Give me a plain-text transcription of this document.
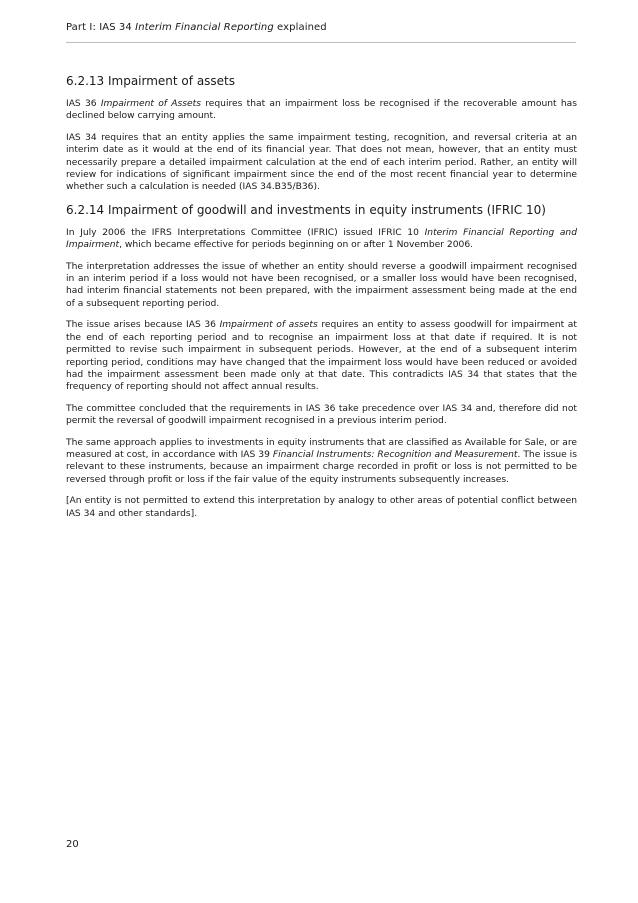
Part I: IAS 34 Interim Financial Reporting explained
6.2.13 Impairment of assets

IAS 36 Impairment of Assets requires that an impairment loss be recognised if the recoverable amount has declined below carrying amount.

IAS 34 requires that an entity applies the same impairment testing, recognition, and reversal criteria at an interim date as it would at the end of its financial year. That does not mean, however, that an entity must necessarily prepare a detailed impairment calculation at the end of each interim period. Rather, an entity will review for indications of significant impairment since the end of the most recent financial year to determine whether such a calculation is needed (IAS 34.B35/B36).

6.2.14 Impairment of goodwill and investments in equity instruments (IFRIC 10)

In July 2006 the IFRS Interpretations Committee (IFRIC) issued IFRIC 10 Interim Financial Reporting and Impairment, which became effective for periods beginning on or after 1 November 2006.

The interpretation addresses the issue of whether an entity should reverse a goodwill impairment recognised in an interim period if a loss would not have been recognised, or a smaller loss would have been recognised, had interim financial statements not been prepared, with the impairment assessment being made at the end of a subsequent reporting period.

The issue arises because IAS 36 Impairment of assets requires an entity to assess goodwill for impairment at the end of each reporting period and to recognise an impairment loss at that date if required. It is not permitted to revise such impairment in subsequent periods. However, at the end of a subsequent interim reporting period, conditions may have changed that the impairment loss would have been reduced or avoided had the impairment assessment been made only at that date. This contradicts IAS 34 that states that the frequency of reporting should not affect annual results.

The committee concluded that the requirements in IAS 36 take precedence over IAS 34 and, therefore did not permit the reversal of goodwill impairment recognised in a previous interim period.

The same approach applies to investments in equity instruments that are classified as Available for Sale, or are measured at cost, in accordance with IAS 39 Financial Instruments: Recognition and Measurement. The issue is relevant to these instruments, because an impairment charge recorded in profit or loss is not permitted to be reversed through profit or loss if the fair value of the equity instruments subsequently increases.

[An entity is not permitted to extend this interpretation by analogy to other areas of potential conflict between IAS 34 and other standards].

20
